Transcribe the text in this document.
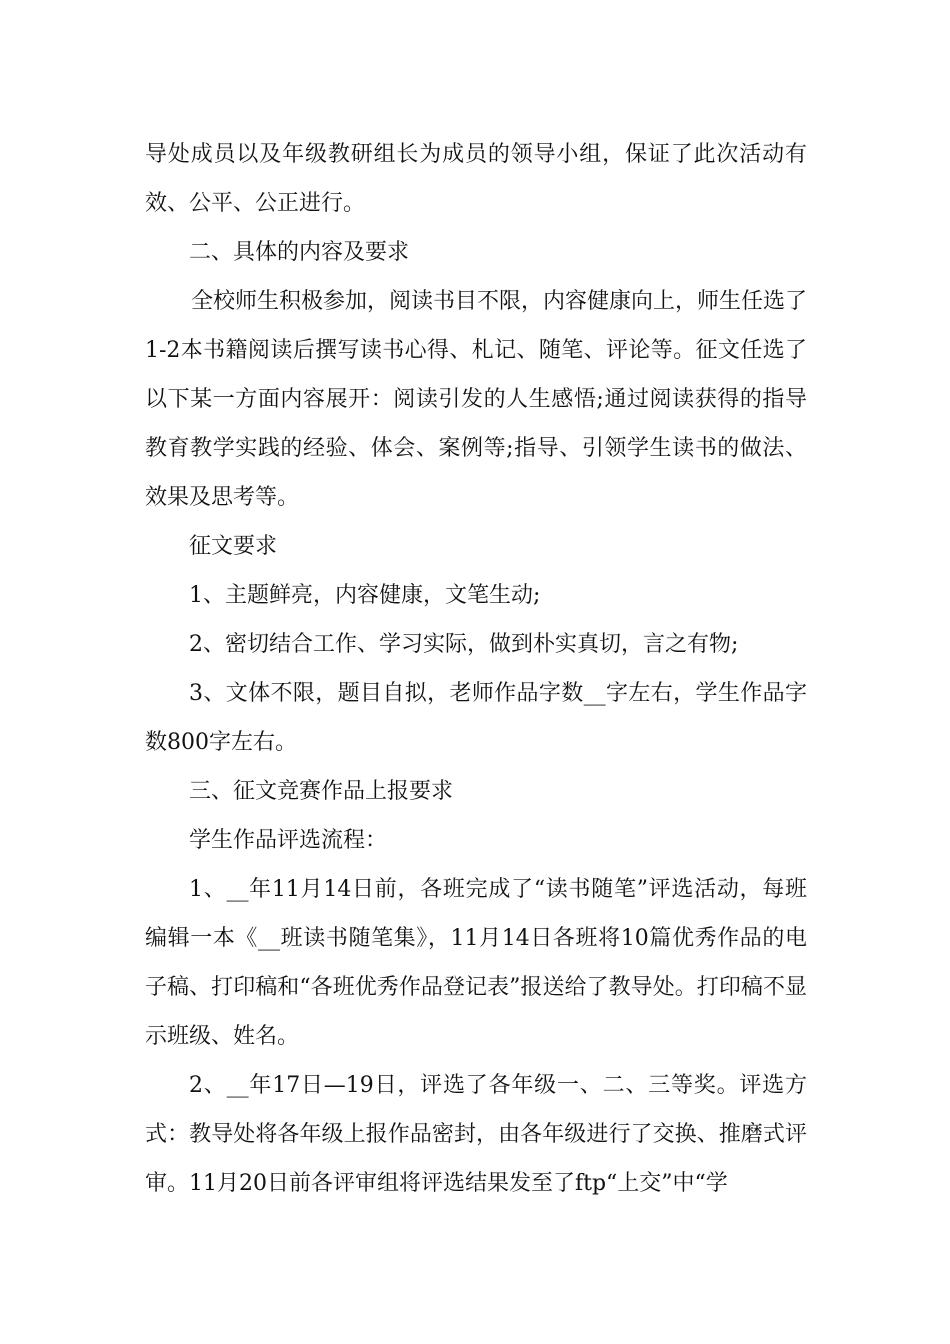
导处成员以及年级教研组长为成员的领导小组，保证了此次活动有效、公平、公正进行。

二、具体的内容及要求

全校师生积极参加，阅读书目不限，内容健康向上，师生任选了1-2本书籍阅读后撰写读书心得、札记、随笔、评论等。征文任选了以下某一方面内容展开：阅读引发的人生感悟;通过阅读获得的指导教育教学实践的经验、体会、案例等;指导、引领学生读书的做法、效果及思考等。

征文要求

1、主题鲜亮，内容健康，文笔生动;

2、密切结合工作、学习实际，做到朴实真切，言之有物;

3、文体不限，题目自拟，老师作品字数__字左右，学生作品字数800字左右。

三、征文竞赛作品上报要求

学生作品评选流程：

1、__年11月14日前，各班完成了“读书随笔”评选活动，每班编辑一本《__班读书随笔集》，11月14日各班将10篇优秀作品的电子稿、打印稿和“各班优秀作品登记表”报送给了教导处。打印稿不显示班级、姓名。

2、__年17日—19日，评选了各年级一、二、三等奖。评选方式：教导处将各年级上报作品密封，由各年级进行了交换、推磨式评审。11月20日前各评审组将评选结果发至了ftp“上交”中“学
